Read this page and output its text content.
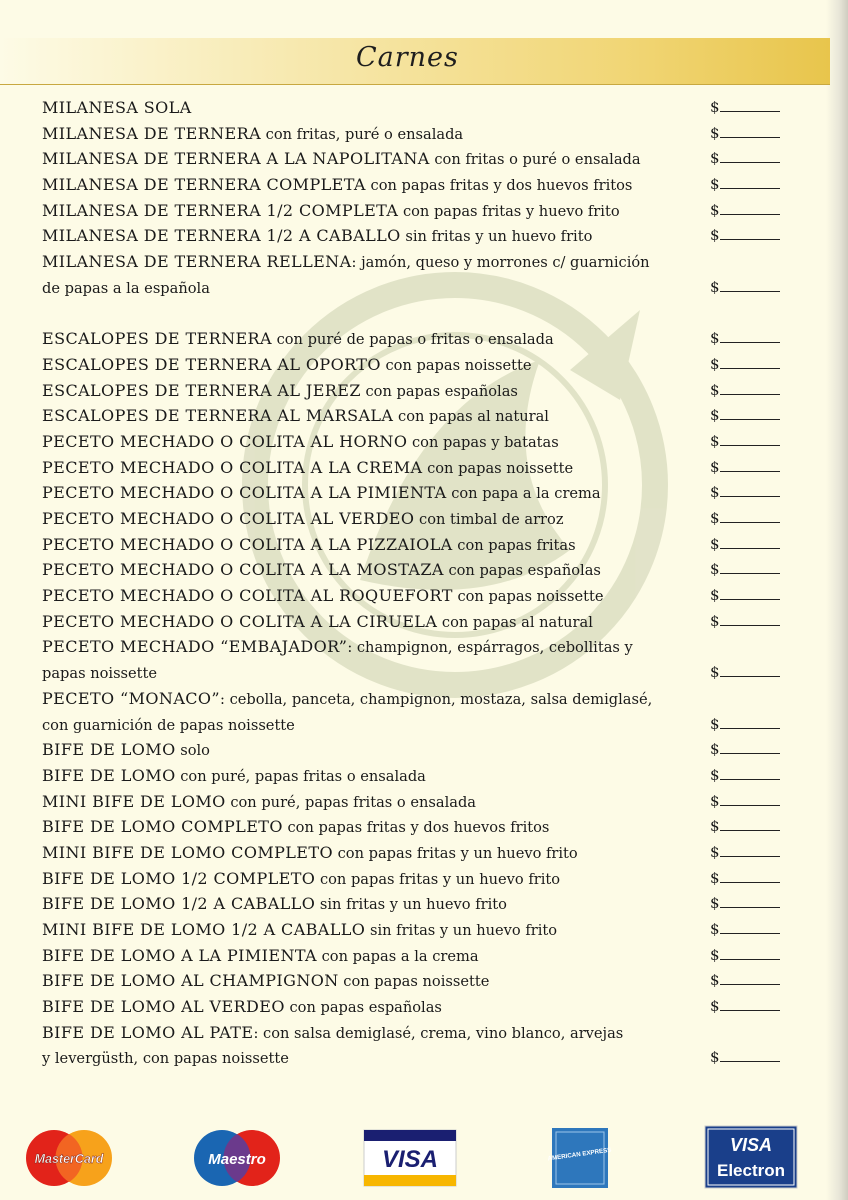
Carnes
MILANESA SOLA	$
MILANESA DE TERNERA con fritas, puré o ensalada	$
MILANESA DE TERNERA A LA NAPOLITANA con fritas o puré o ensalada	$
MILANESA DE TERNERA COMPLETA con papas fritas y dos huevos fritos	$
MILANESA DE TERNERA 1/2 COMPLETA con papas fritas y huevo frito	$
MILANESA DE TERNERA 1/2 A CABALLO sin fritas y un huevo frito	$
MILANESA DE TERNERA RELLENA: jamón, queso y morrones c/ guarnición
de papas a la española	$
ESCALOPES DE TERNERA con puré de papas o fritas o ensalada	$
ESCALOPES DE TERNERA AL OPORTO con papas noissette	$
ESCALOPES DE TERNERA AL JEREZ con papas españolas	$
ESCALOPES DE TERNERA AL MARSALA con papas al natural	$
PECETO MECHADO O COLITA AL HORNO con papas y batatas	$
PECETO MECHADO O COLITA A LA CREMA con papas noissette	$
PECETO MECHADO O COLITA A LA PIMIENTA con papa a la crema	$
PECETO MECHADO O COLITA AL VERDEO con timbal de arroz	$
PECETO MECHADO O COLITA A LA PIZZAIOLA con papas fritas	$
PECETO MECHADO O COLITA A LA MOSTAZA con papas españolas	$
PECETO MECHADO O COLITA AL ROQUEFORT con papas noissette	$
PECETO MECHADO O COLITA A LA CIRUELA con papas al natural	$
PECETO MECHADO “EMBAJADOR”: champignon, espárragos, cebollitas y
papas noissette	$
PECETO “MONACO”: cebolla, panceta, champignon, mostaza, salsa demiglasé,
con guarnición de papas noissette	$
BIFE DE LOMO solo	$
BIFE DE LOMO con puré, papas fritas o ensalada	$
MINI BIFE DE LOMO con puré, papas fritas o ensalada	$
BIFE DE LOMO COMPLETO con papas fritas y dos huevos fritos	$
MINI BIFE DE LOMO COMPLETO con papas fritas y un huevo frito	$
BIFE DE LOMO 1/2 COMPLETO con papas fritas y un huevo frito	$
BIFE DE LOMO 1/2 A CABALLO sin fritas y un huevo frito	$
MINI BIFE DE LOMO 1/2 A CABALLO sin fritas y un huevo frito	$
BIFE DE LOMO A LA PIMIENTA con papas a la crema	$
BIFE DE LOMO AL CHAMPIGNON con papas noissette	$
BIFE DE LOMO AL VERDEO con papas españolas	$
BIFE DE LOMO AL PATE: con salsa demiglasé, crema, vino blanco, arvejas
y levergüsth, con papas noissette	$
MasterCard	Maestro	VISA	AMERICAN EXPRESS	VISA
Electron
